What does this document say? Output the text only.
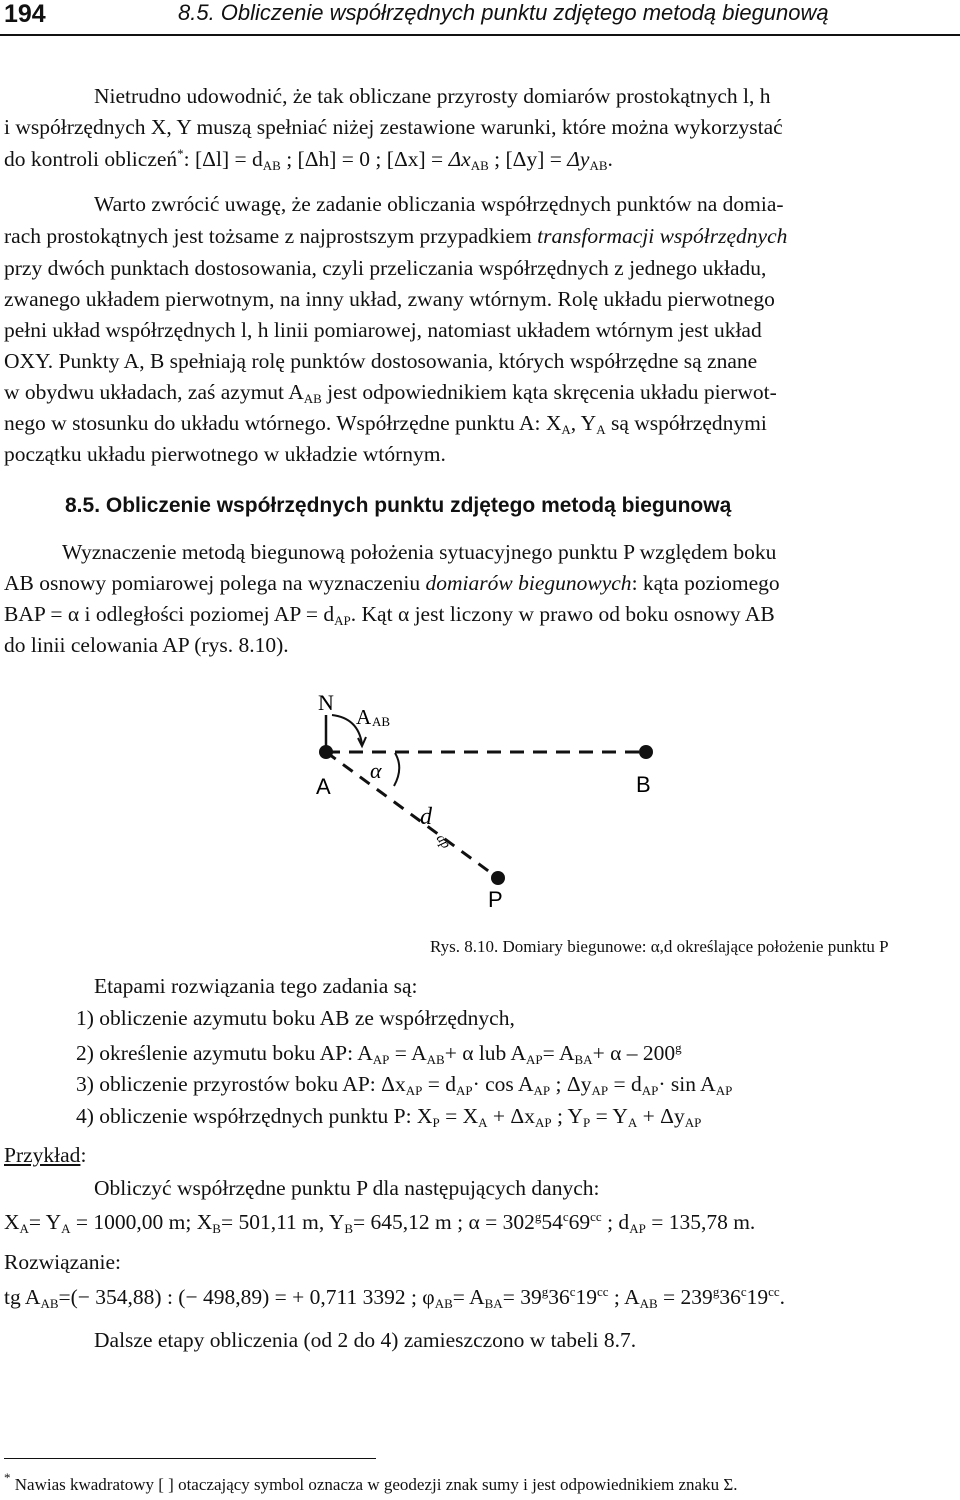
194	8.5. Obliczenie współrzędnych punktu zdjętego metodą biegunową
Nietrudno udowodnić, że tak obliczane przyrosty domiarów prostokątnych l, h
i współrzędnych X, Y muszą spełniać niżej zestawione warunki, które można wykorzystać
do kontroli obliczeń*: $[\Delta l] = d_{AB}$ ; [Δh] = 0 ; $[\Delta x] = \Delta x_{AB}$ ; $[\Delta y] = \Delta y_{AB}$.
Warto zwrócić uwagę, że zadanie obliczania współrzędnych punktów na domia-
rach prostokątnych jest tożsame z najprostszym przypadkiem transformacji współrzędnych
przy dwóch punktach dostosowania, czyli przeliczania współrzędnych z jednego układu,
zwanego układem pierwotnym, na inny układ, zwany wtórnym. Rolę układu pierwotnego
pełni układ współrzędnych l, h linii pomiarowej, natomiast układem wtórnym jest układ
OXY. Punkty A, B spełniają rolę punktów dostosowania, których współrzędne są znane
w obydwu układach, zaś azymut $A_{AB}$ jest odpowiednikiem kąta skręcenia układu pierwot-
nego w stosunku do układu wtórnego. Współrzędne punktu A: $X_A$, $Y_A$ są współrzędnymi
początku układu pierwotnego w układzie wtórnym.
8.5. Obliczenie współrzędnych punktu zdjętego metodą biegunową
Wyznaczenie metodą biegunową położenia sytuacyjnego punktu P względem boku
AB osnowy pomiarowej polega na wyznaczeniu domiarów biegunowych: kąta poziomego
BAP = α i odległości poziomej AP = $d_{AP}$. Kąt α jest liczony w prawo od boku osnowy AB
do linii celowania AP (rys. 8.10).
N
A AB
α
A	B
d
ap
P
Rys. 8.10. Domiary biegunowe: α,d określające położenie punktu P
Etapami rozwiązania tego zadania są:
1) obliczenie azymutu boku AB ze współrzędnych,
2) określenie azymutu boku AP: $A_{AP} = A_{AB}+ \alpha$ lub $A_{AP}= A_{BA}+ \alpha - 200^g$
3) obliczenie przyrostów boku AP: $\Delta x_{AP} = d_{AP}\cdot \cos A_{AP}$ ; $\Delta y_{AP} = d_{AP}\cdot \sin A_{AP}$
4) obliczenie współrzędnych punktu P: $X_P = X_A + \Delta x_{AP}$ ; $Y_P = Y_A + \Delta y_{AP}$
Przykład:
Obliczyć współrzędne punktu P dla następujących danych:
$X_A= Y_A = 1000,00$ m; $X_B= 501,11$ m, $Y_B= 645,12$ m ; $\alpha = 302^g54^c69^{cc}$ ; $d_{AP} = 135,78$ m.
Rozwiązanie:
tg $A_{AB}=(- 354,88)$ : (− 498,89) = + 0,711 3392 ; $\varphi_{AB}= A_{BA}= 39^g36^c19^{cc}$ ; $A_{AB} = 239^g36^c19^{cc}$.
Dalsze etapy obliczenia (od 2 do 4) zamieszczono w tabeli 8.7.
* Nawias kwadratowy [ ] otaczający symbol oznacza w geodezji znak sumy i jest odpowiednikiem znaku Σ.
